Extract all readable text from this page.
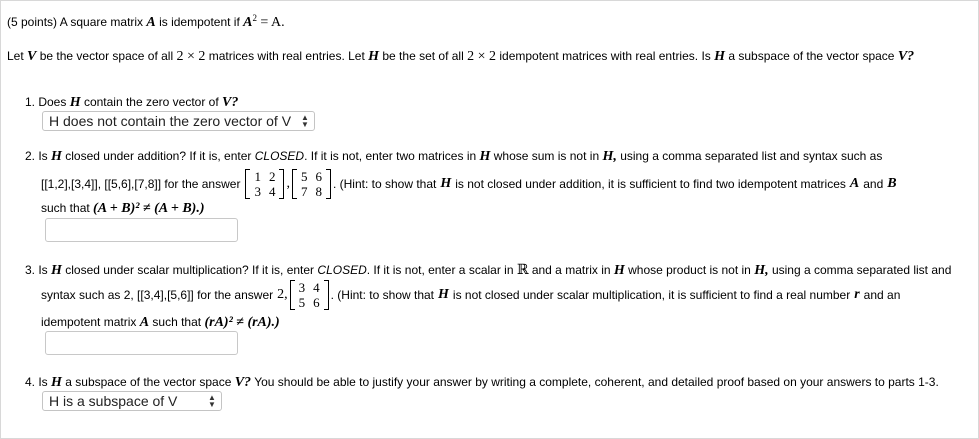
(5 points) A square matrix A is idempotent if $A^2 = A$.
Let V be the vector space of all 2 × 2 matrices with real entries. Let H be the set of all 2 × 2 idempotent matrices with real entries. Is H a subspace of the vector space V?
1. Does H contain the zero vector of V?
H does not contain the zero vector of V ▲
▼
2. Is H closed under addition? If it is, enter CLOSED. If it is not, enter two matrices in H whose sum is not in H, using a comma separated list and syntax such as
[[1,2],[3,4]], [[5,6],[7,8]] for the answer 1	2
3	4
, 5	6
7	8 . (Hint: to show that H is not closed under addition, it is sufficient to find two idempotent matrices A and B
such that (A + B)² ≠ (A + B).)
3. Is H closed under scalar multiplication? If it is, enter CLOSED. If it is not, enter a scalar in ℝ and a matrix in H whose product is not in H, using a comma separated list and
syntax such as 2, [[3,4],[5,6]] for the answer 2, 3	4
5	6 . (Hint: to show that H is not closed under scalar multiplication, it is sufficient to find a real number r and an
idempotent matrix A such that (rA)² ≠ (rA).)
4. Is H a subspace of the vector space V? You should be able to justify your answer by writing a complete, coherent, and detailed proof based on your answers to parts 1-3.
H is a subspace of V	▲
▼
